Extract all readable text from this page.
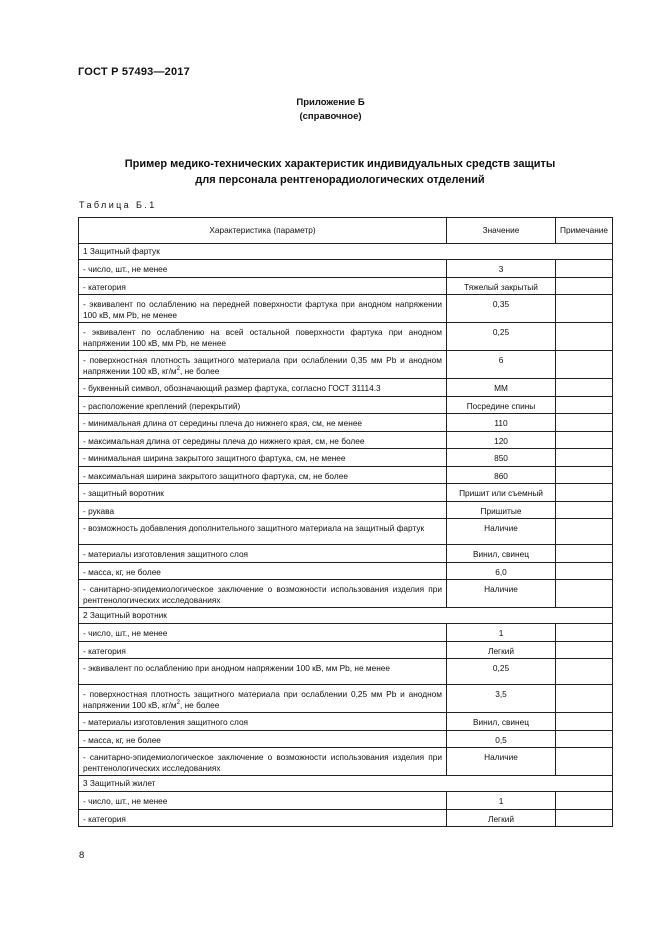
ГОСТ Р 57493—2017
Приложение Б
(справочное)
Пример медико-технических характеристик индивидуальных средств защиты
для персонала рентгенорадиологических отделений
Таблица Б.1
Характеристика (параметр)	Значение	Примечание
1 Защитный фартук		
- число, шт., не менее	3	
- категория	Тяжелый закрытый	
- эквивалент по ослаблению на передней поверхности фартука при анодном напряжении 100 кВ, мм Pb, не менее	0,35	
- эквивалент по ослаблению на всей остальной поверхности фартука при анодном напряжении 100 кВ, мм Pb, не менее	0,25	
- поверхностная плотность защитного материала при ослаблении 0,35 мм Pb и анодном напряжении 100 кВ, $кг/м^2$, не более	6	
- буквенный символ, обозначающий размер фартука, согласно ГОСТ 31114.3	ММ	
- расположение креплений (перекрытий)	Посредине спины	
- минимальная длина от середины плеча до нижнего края, см, не менее	110	
- максимальная длина от середины плеча до нижнего края, см, не более	120	
- минимальная ширина закрытого защитного фартука, см, не менее	850	
- максимальная ширина закрытого защитного фартука, см, не более	860	
- защитный воротник	Пришит или съемный	
- рукава	Пришитые	
- возможность добавления дополнительного защитного материала на защитный фартук	Наличие	
- материалы изготовления защитного слоя	Винил, свинец	
- масса, кг, не более	6,0	
- санитарно-эпидемиологическое заключение о возможности использования изделия при рентгенологических исследованиях	Наличие	
2 Защитный воротник		
- число, шт., не менее	1	
- категория	Легкий	
- эквивалент по ослаблению при анодном напряжении 100 кВ, мм Pb, не менее	0,25	
- поверхностная плотность защитного материала при ослаблении 0,25 мм Pb и анодном напряжении 100 кВ, $кг/м^2$, не более	3,5	
- материалы изготовления защитного слоя	Винил, свинец	
- масса, кг, не более	0,5	
- санитарно-эпидемиологическое заключение о возможности использования изделия при рентгенологических исследованиях	Наличие	
3 Защитный жилет		
- число, шт., не менее	1	
- категория	Легкий	
8
